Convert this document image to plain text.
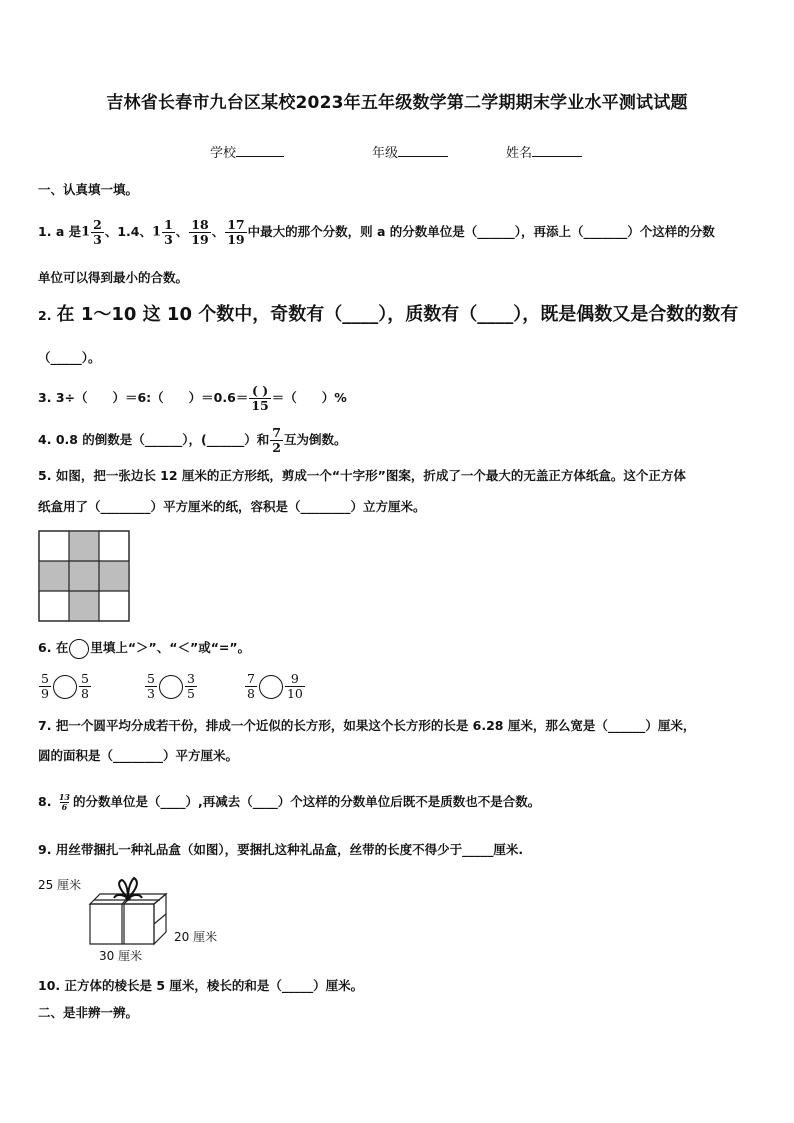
吉林省长春市九台区某校2023年五年级数学第二学期期末学业水平测试试题
学校	年级	姓名
一、认真填一填。
1. a 是$1 \frac{2}{3}$ 、1.4、$1 \frac{1}{3}$ 、 $\frac{18}{19}$ 、 $\frac{17}{19}$ 中最大的那个分数，则 a 的分数单位是（______），再添上（_______）个这样的分数
单位可以得到最小的合数。
2. 在 1～10 这 10 个数中，奇数有（____），质数有（____），既是偶数又是合数的数有
（_____）。
3. 3÷（　　）＝6:（　　）$=0.6= \frac{( )}{15}$ ＝（　　）%
4. 0.8 的倒数是（______），(______）和 $\frac{7}{2}$ 互为倒数。
5. 如图，把一张边长 12 厘米的正方形纸，剪成一个“十字形”图案，折成了一个最大的无盖正方体纸盒。这个正方体
纸盒用了（________）平方厘米的纸，容积是（________）立方厘米。
6. 在 里填上“＞”、“＜”或“=”。
$\frac{5}{9} \frac{5}{8}$	$\frac{5}{3} \frac{3}{5}$	$\frac{7}{8} \frac{9}{10}$
7. 把一个圆平均分成若干份，排成一个近似的长方形，如果这个长方形的长是 6.28 厘米，那么宽是（______）厘米，
圆的面积是（________）平方厘米。
8. $\frac{13}{6}$ 的分数单位是（____）,再减去（____）个这样的分数单位后既不是质数也不是合数。
9. 用丝带捆扎一种礼品盒（如图），要捆扎这种礼品盒，丝带的长度不得少于_____厘米.
25 厘米
20 厘米
30 厘米
10. 正方体的棱长是 5 厘米，棱长的和是（_____）厘米。
二、是非辨一辨。
